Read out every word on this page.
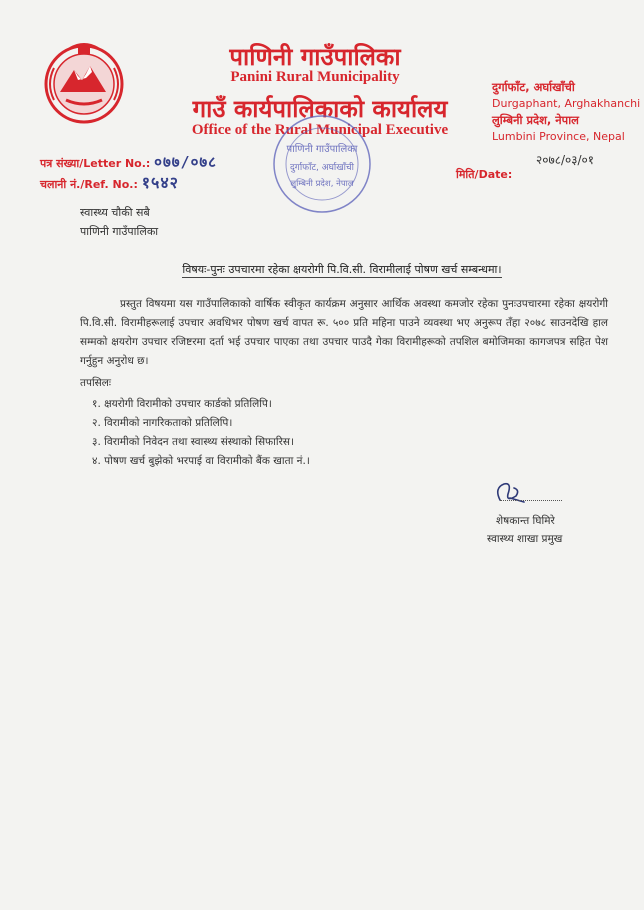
पाणिनी गाउँपालिका
Panini Rural Municipality
गाउँ कार्यपालिकाको कार्यालय
Office of the Rural Municipal Executive
दुर्गाफाँट, अर्घाखाँची
Durgaphant, Arghakhanchi
लुम्बिनी प्रदेश, नेपाल
Lumbini Province, Nepal
पाणिनी गाउँपालिका
दुर्गाफाँट, अर्घाखाँची
लुम्बिनी प्रदेश, नेपाल
पत्र संख्या/Letter No.: ०७७/०७८
चलानी नं./Ref. No.: १५४२	मिति/Date:
२०७८/०३/०१
स्वास्थ्य चौकी सबै
पाणिनी गाउँपालिका
विषयः-पुनः उपचारमा रहेका क्षयरोगी पि.वि.सी. विरामीलाई पोषण खर्च सम्बन्धमा।
प्रस्तुत विषयमा यस गाउँपालिकाको वार्षिक स्वीकृत कार्यक्रम अनुसार आर्थिक अवस्था कमजोर रहेका पुनःउपचारमा रहेका क्षयरोगी पि.वि.सी. विरामीहरूलाई उपचार अवधिभर पोषण खर्च वापत रू. ५०० प्रति महिना पाउने व्यवस्था भए अनुरूप तँहा २०७८ साउनदेखि हाल सम्मको क्षयरोग उपचार रजिष्टरमा दर्ता भई उपचार पाएका तथा उपचार पाउदै गेका विरामीहरूको तपशिल बमोजिमका कागजपत्र सहित पेश गर्नुहुन अनुरोध छ।
तपसिलः
१. क्षयरोगी विरामीको उपचार कार्डको प्रतिलिपि।
२. विरामीको नागरिकताको प्रतिलिपि।
३. विरामीको निवेदन तथा स्वास्थ्य संस्थाको सिफारिस।
४. पोषण खर्च बुझेको भरपाई वा विरामीको बैंक खाता नं.।
शेषकान्त घिमिरे
स्वास्थ्य शाखा प्रमुख
